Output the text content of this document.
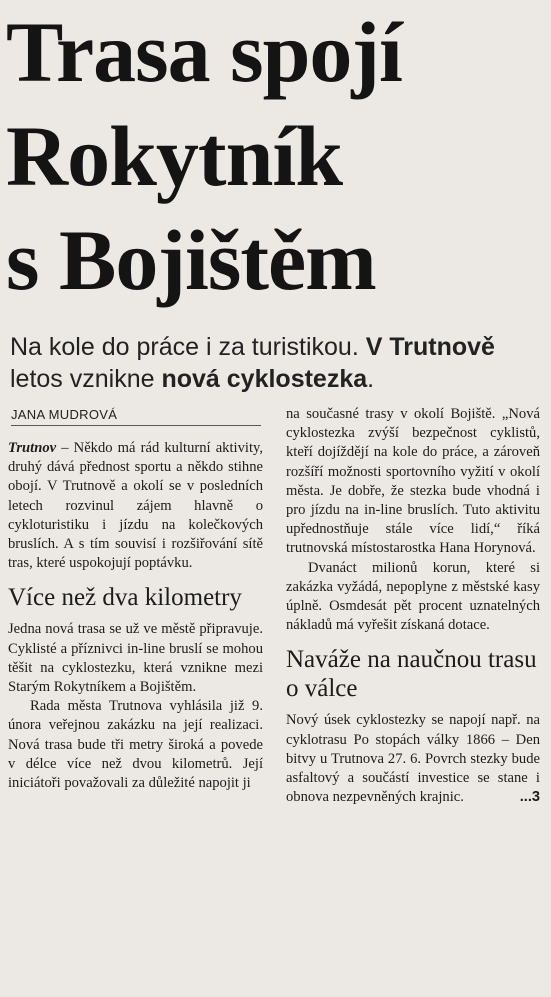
Trasa spojí
Rokytník
s Bojištěm
Na kole do práce i za turistikou. V Trutnově
letos vznikne nová cyklostezka.
JANA MUDROVÁ

Trutnov – Někdo má rád kulturní aktivity, druhý dává přednost sportu a někdo stihne obojí. V Trutnově a okolí se v posledních letech rozvinul zájem hlavně o cykloturistiku i jízdu na kolečkových bruslích. A s tím souvisí i rozšiřování sítě tras, které uspokojují poptávku.

Více než dva kilometry

Jedna nová trasa se už ve městě připravuje. Cyklisté a příznivci in-line bruslí se mohou těšit na cyklostezku, která vznikne mezi Starým Rokytníkem a Bojištěm.

Rada města Trutnova vyhlásila již 9. února veřejnou zakázku na její realizaci. Nová trasa bude tři metry široká a povede v délce více než dvou kilometrů. Její iniciátoři považovali za důležité napojit ji

na současné trasy v okolí Bojiště. „Nová cyklostezka zvýší bezpečnost cyklistů, kteří dojíždějí na kole do práce, a zároveň rozšíří možnosti sportovního vyžití v okolí města. Je dobře, že stezka bude vhodná i pro jízdu na in-line bruslích. Tuto aktivitu upřednostňuje stále více lidí,“ říká trutnovská místostarostka Hana Horynová.

Dvanáct milionů korun, které si zakázka vyžádá, nepoplyne z městské kasy úplně. Osmdesát pět procent uznatelných nákladů má vyřešit získaná dotace.

Naváže na naučnou trasu o válce

Nový úsek cyklostezky se napojí např. na cyklotrasu Po stopách války 1866 – Den bitvy u Trutnova 27. 6. Povrch stezky bude asfaltový a součástí investice se stane i obnova nezpevněných krajnic.	...3
